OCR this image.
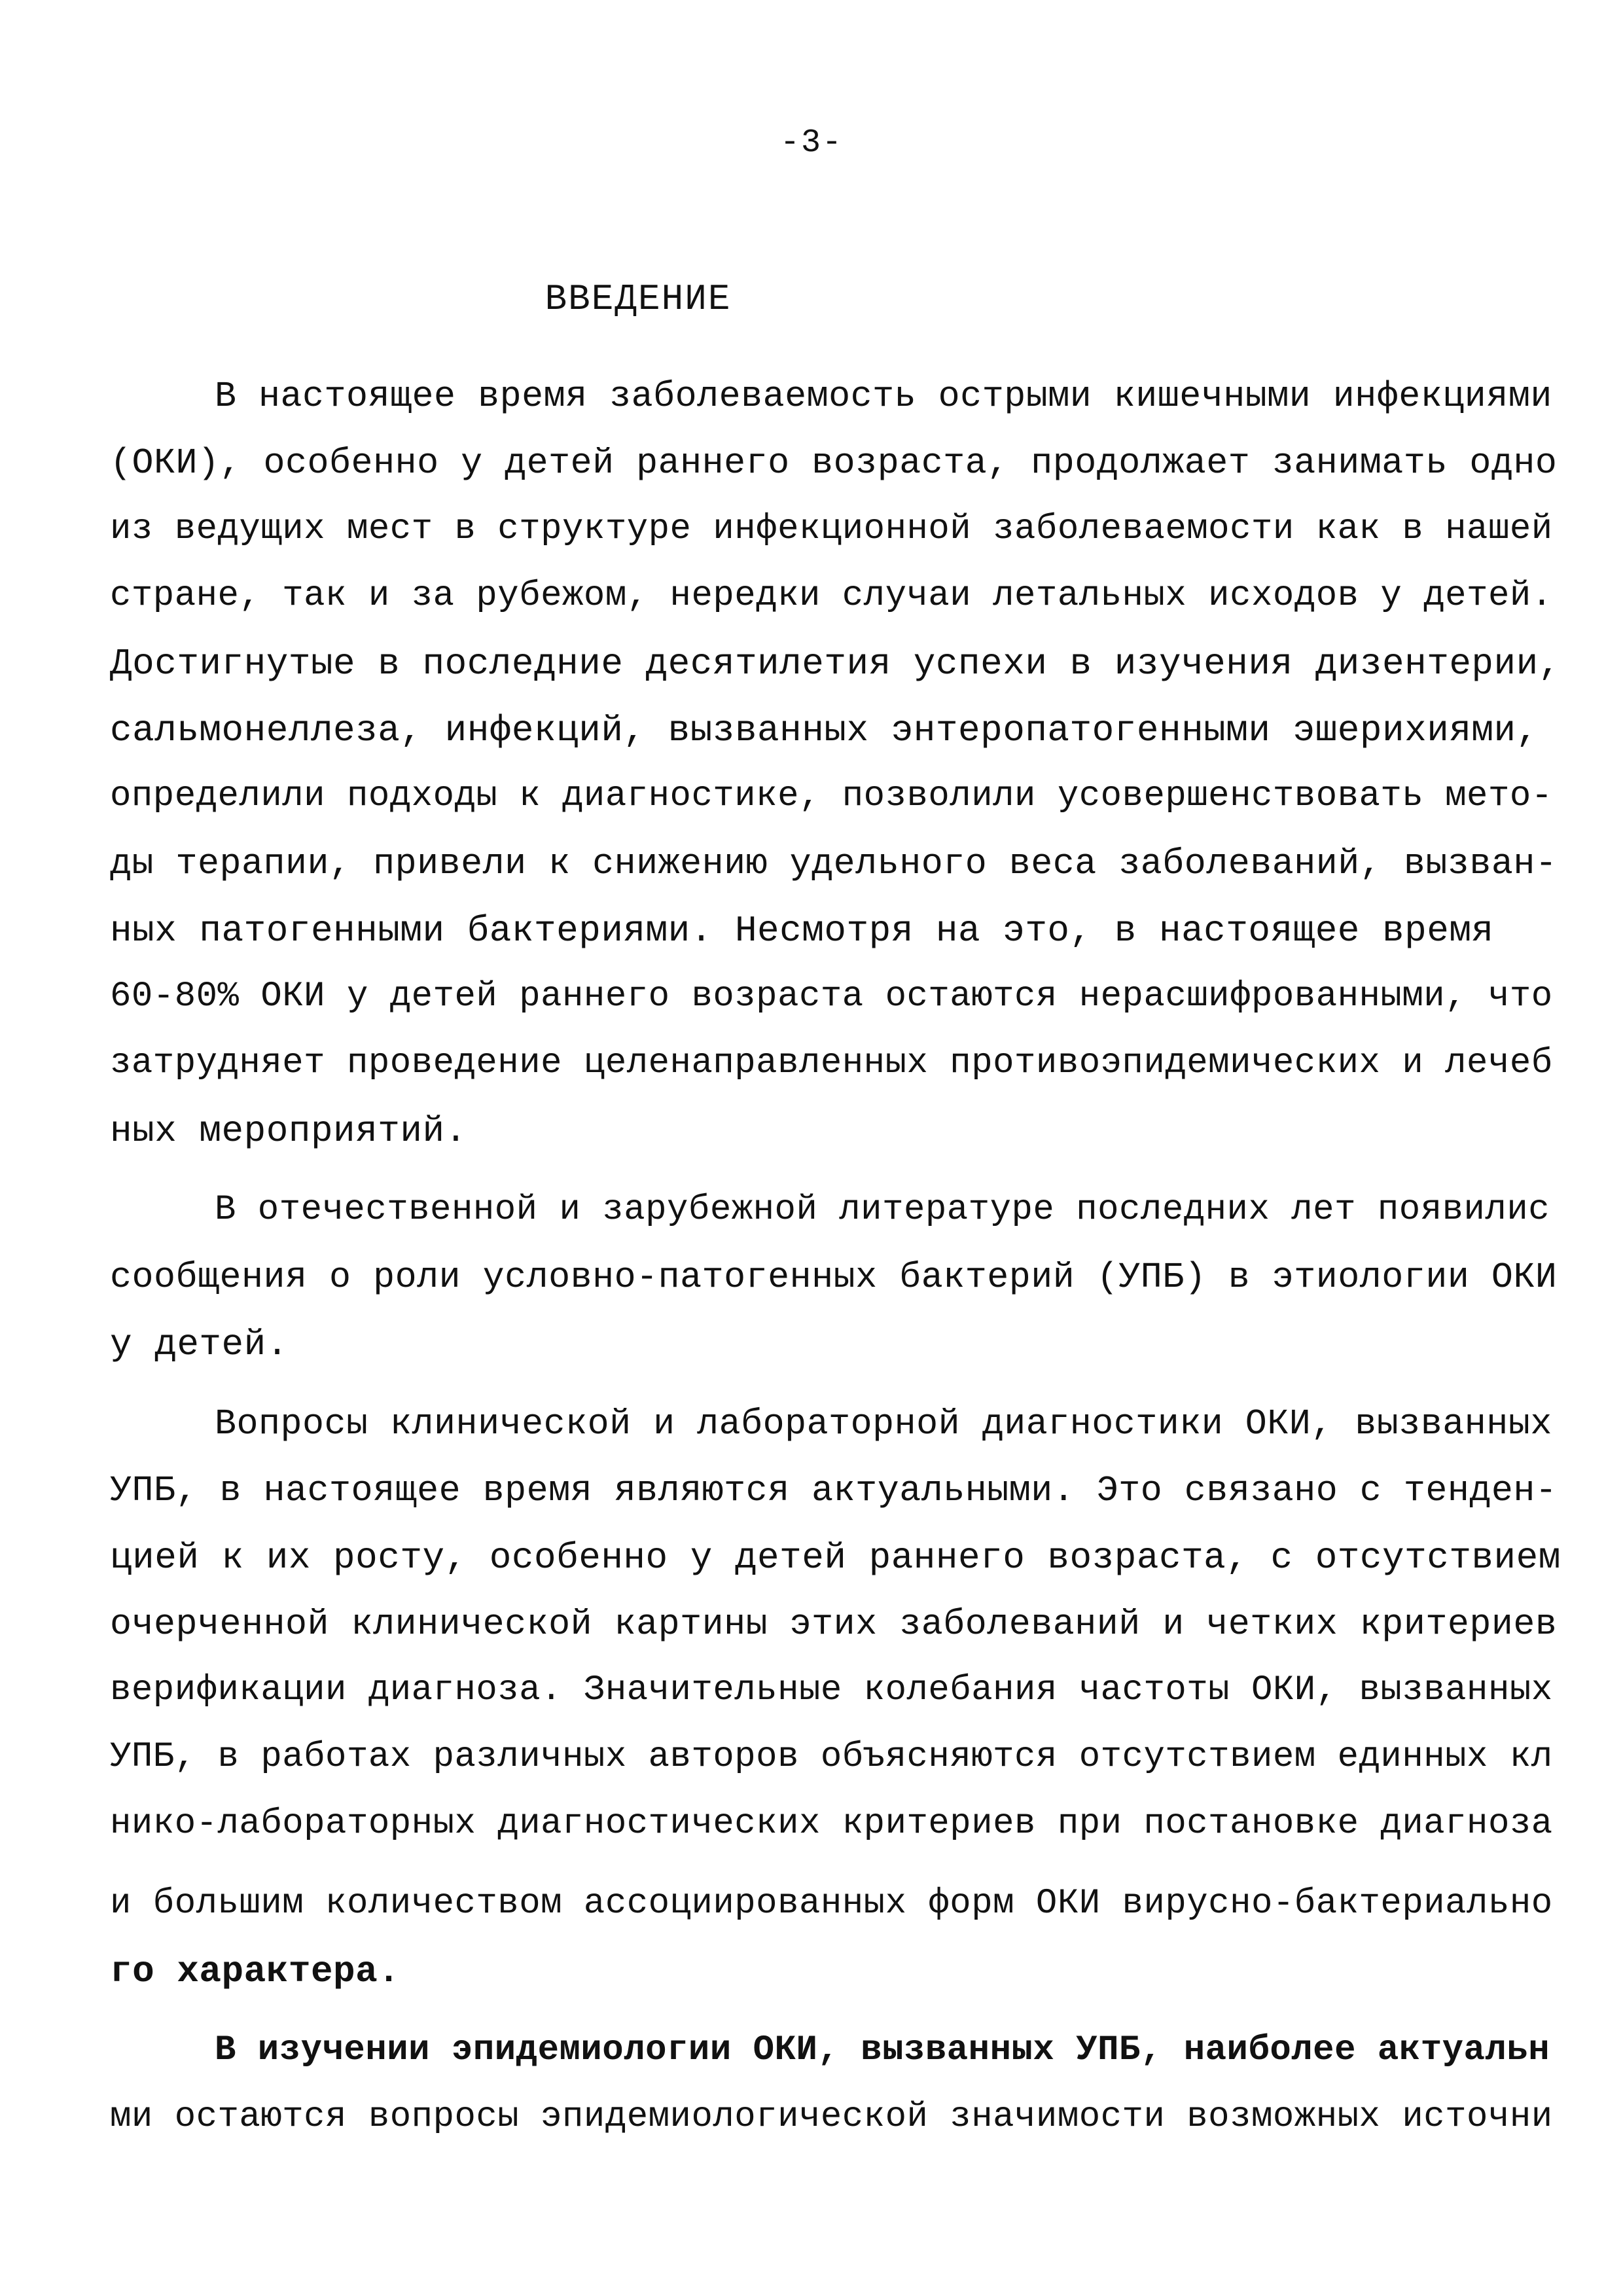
-3-
ВВЕДЕНИЕ
В настоящее время заболеваемость острыми кишечными инфекциями
(ОКИ), особенно у детей раннего возраста, продолжает занимать одно
из ведущих мест в структуре инфекционной заболеваемости как в нашей
стране, так и за рубежом, нередки случаи летальных исходов у детей.
Достигнутые в последние десятилетия успехи в изучения дизентерии,
сальмонеллеза, инфекций, вызванных энтеропатогенными эшерихиями,
определили подходы к диагностике, позволили усовершенствовать мето-
ды терапии, привели к снижению удельного веса заболеваний, вызван-
ных патогенными бактериями. Несмотря на это, в настоящее время
60-80% ОКИ у детей раннего возраста остаются нерасшифрованными, что
затрудняет проведение целенаправленных противоэпидемических и лечеб
ных мероприятий.
В отечественной и зарубежной литературе последних лет появилис
сообщения о роли условно-патогенных бактерий (УПБ) в этиологии ОКИ
у детей.
Вопросы клинической и лабораторной диагностики ОКИ, вызванных
УПБ, в настоящее время являются актуальными. Это связано с тенден-
цией к их росту, особенно у детей раннего возраста, с отсутствием
очерченной клинической картины этих заболеваний и четких критериев
верификации диагноза. Значительные колебания частоты ОКИ, вызванных
УПБ, в работах различных авторов объясняются отсутствием единных кл
нико-лабораторных диагностических критериев при постановке диагноза
и большим количеством ассоциированных форм ОКИ вирусно-бактериально
го характера.
В изучении эпидемиологии ОКИ, вызванных УПБ, наиболее актуальн
ми остаются вопросы эпидемиологической значимости возможных источни
